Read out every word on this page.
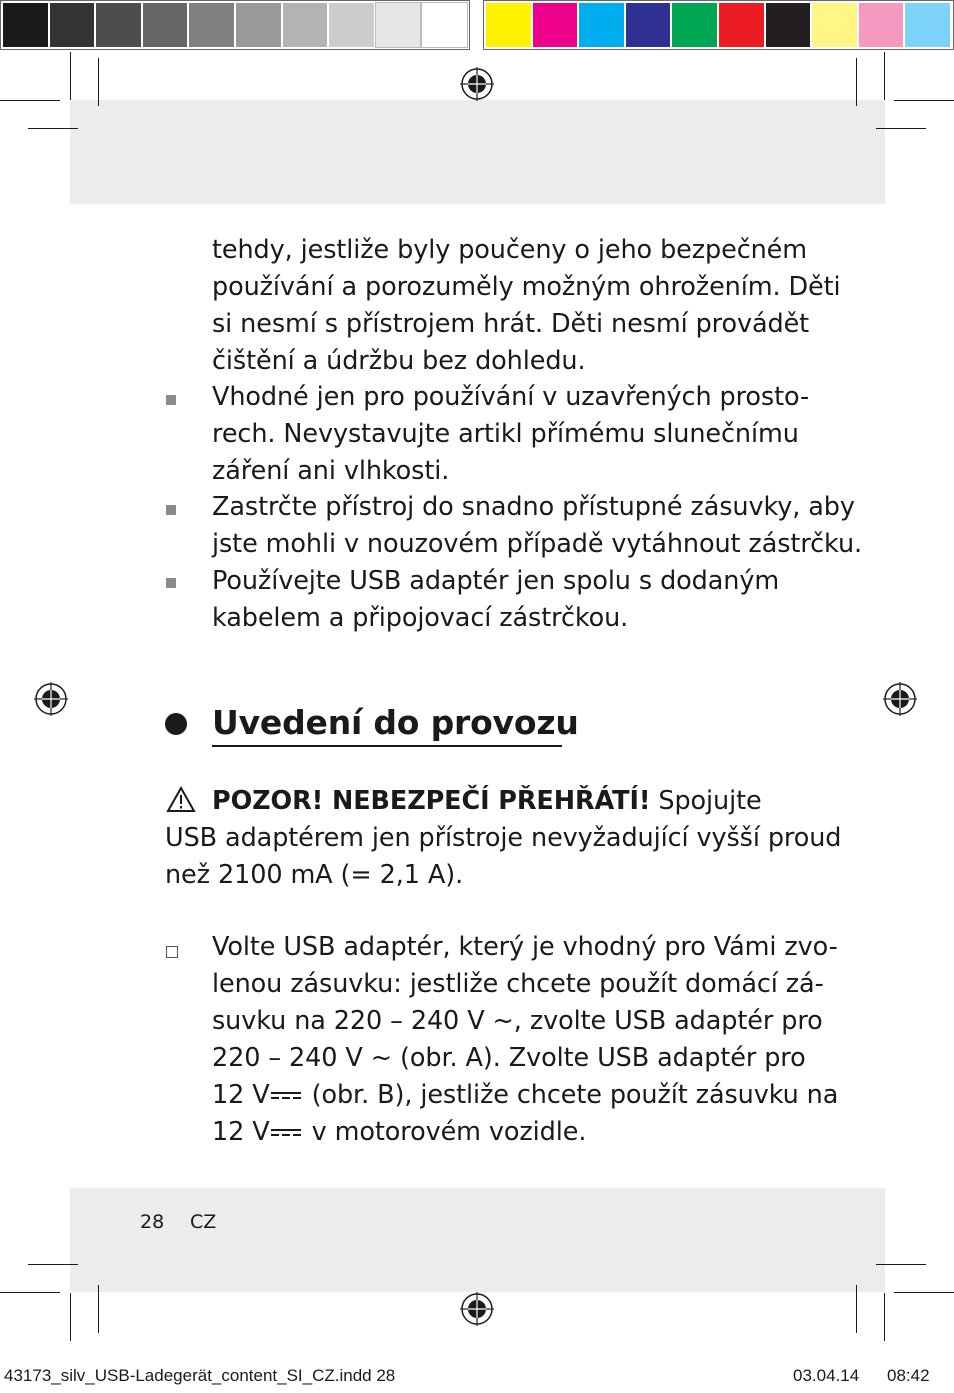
tehdy, jestliže byly poučeny o jeho bezpečném
používání a porozuměly možným ohrožením. Děti
si nesmí s přístrojem hrát. Děti nesmí provádět
čištění a údržbu bez dohledu.
Vhodné jen pro používání v uzavřených prosto-
rech. Nevystavujte artikl přímému slunečnímu
záření ani vlhkosti.
Zastrčte přístroj do snadno přístupné zásuvky, aby
jste mohli v nouzovém případě vytáhnout zástrčku.
Používejte USB adaptér jen spolu s dodaným
kabelem a připojovací zástrčkou.
Uvedení do provozu
POZOR! NEBEZPEČÍ PŘEHŘÁTÍ! Spojujte
USB adaptérem jen přístroje nevyžadující vyšší proud
než 2100 mA (= 2,1 A).
Volte USB adaptér, který je vhodný pro Vámi zvo-
lenou zásuvku: jestliže chcete použít domácí zá-
suvku na 220 – 240 V ~, zvolte USB adaptér pro
220 – 240 V ~ (obr. A). Zvolte USB adaptér pro
12 V (obr. B), jestliže chcete použít zásuvku na
12 V v motorovém vozidle.
28 CZ
43173_silv_USB-Ladegerät_content_SI_CZ.indd 28	03.04.14 08:42
